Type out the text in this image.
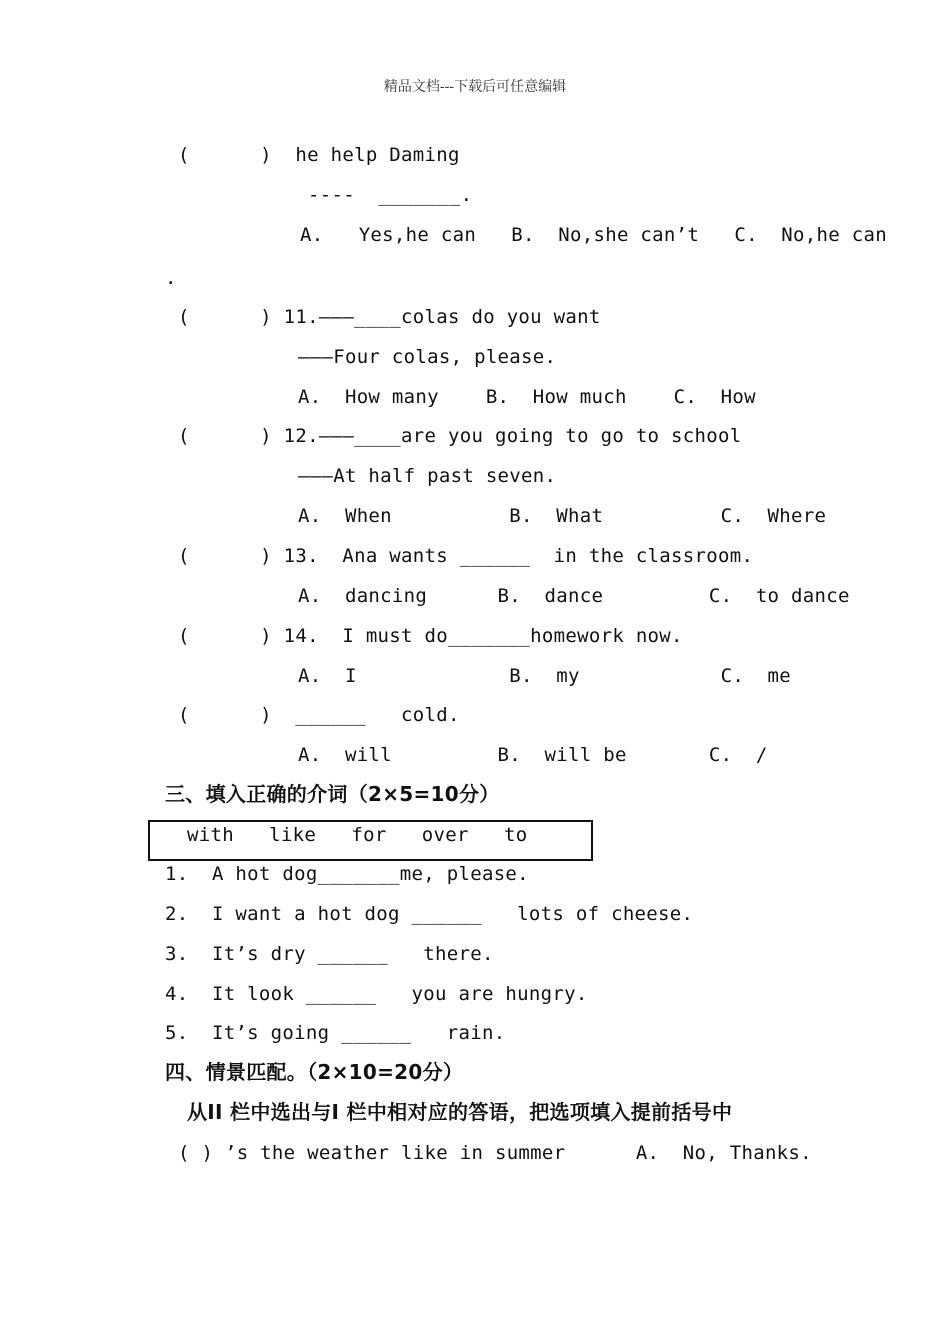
精品文档---下载后可任意编辑
(      )  he help Daming
----  _______.
A.   Yes,he can   B.  No,she can’t   C.  No,he can
.
(      ) 11.———____colas do you want
———Four colas, please.
A.  How many    B.  How much    C.  How
(      ) 12.———____are you going to go to school
———At half past seven.
A.  When          B.  What          C.  Where
(      ) 13.  Ana wants ______  in the classroom.
A.  dancing      B.  dance         C.  to dance
(      ) 14.  I must do_______homework now.
A.  I             B.  my            C.  me
(      )  ______   cold.
A.  will         B.  will be       C.  /
三、填入正确的介词（2×5=10分）
with   like   for   over   to
1.  A hot dog_______me, please.
2.  I want a hot dog ______   lots of cheese.
3.  It’s dry ______   there.
4.  It look ______   you are hungry.
5.  It’s going ______   rain.
四、情景匹配。（2×10=20分）
从II 栏中选出与I 栏中相对应的答语，把选项填入提前括号中
( ) ’s the weather like in summer      A.  No, Thanks.
